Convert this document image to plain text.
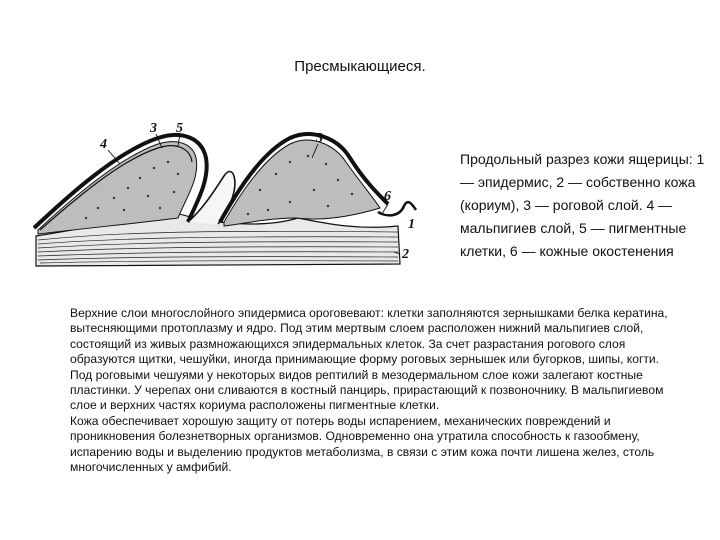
Пресмыкающиеся.
3 5
4	3
6
1
2
Продольный разрез кожи ящерицы: 1 — эпидермис, 2 — собственно кожа (кориум), 3 — роговой слой. 4 — мальпигиев слой, 5 — пигментные клетки, 6 — кожные окостенения

Верхние слои многослойного эпидермиса ороговевают: клетки заполняются зернышками белка кератина, вытесняющими протоплазму и ядро. Под этим мертвым слоем расположен нижний мальпигиев слой, состоящий из живых размножающихся эпидермальных клеток. За счет разрастания рогового слоя образуются щитки, чешуйки, иногда принимающие форму роговых зернышек или бугорков, шипы, когти. Под роговыми чешуями у некоторых видов рептилий в мезодермальном слое кожи залегают костные пластинки. У черепах они сливаются в костный панцирь, прирастающий к позвоночнику. В мальпигиевом слое и верхних частях кориума расположены пигментные клетки.

Кожа обеспечивает хорошую защиту от потерь воды испарением, механических повреждений и проникновения болезнетворных организмов. Одновременно она утратила способность к газообмену, испарению воды и выделению продуктов метаболизма, в связи с этим кожа почти лишена желез, столь многочисленных у амфибий.
